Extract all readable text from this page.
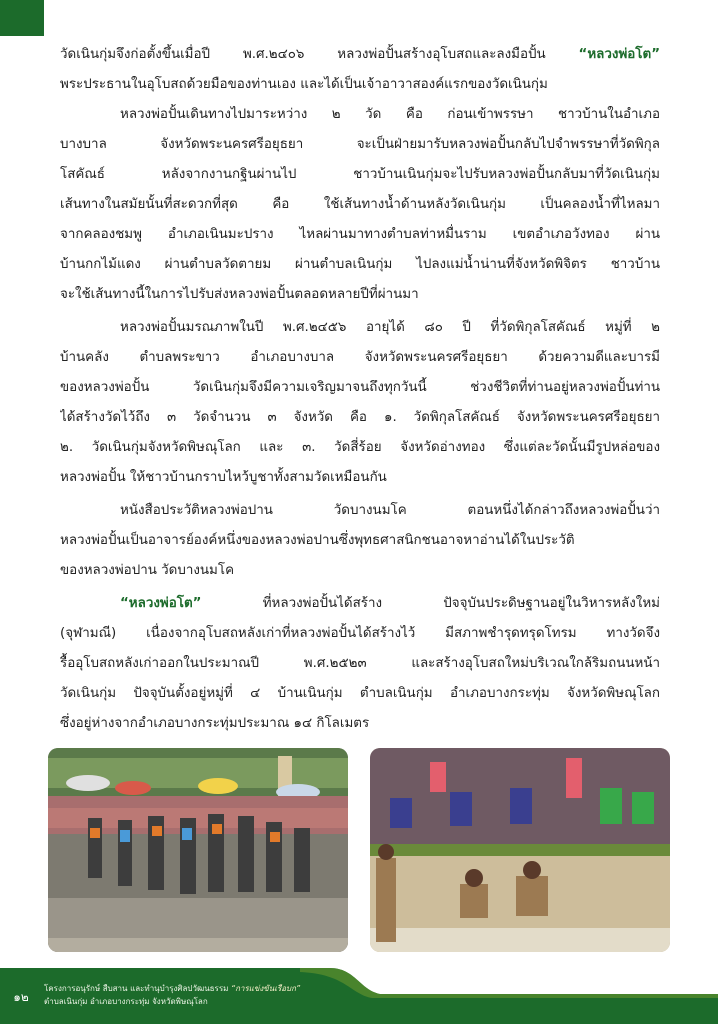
วัดเนินกุ่มจึงก่อตั้งขึ้นเมื่อปี พ.ศ.๒๔๐๖ หลวงพ่อปั้นสร้างอุโบสถและลงมือปั้น “หลวงพ่อโต”
พระประธานในอุโบสถด้วยมือของท่านเอง และได้เป็นเจ้าอาวาสองค์แรกของวัดเนินกุ่ม
หลวงพ่อปั้นเดินทางไปมาระหว่าง ๒ วัด คือ ก่อนเข้าพรรษา ชาวบ้านในอำเภอ
บางบาล จังหวัดพระนครศรีอยุธยา จะเป็นฝ่ายมารับหลวงพ่อปั้นกลับไปจำพรรษาที่วัดพิกุล
โสคัณธ์ หลังจากงานกฐินผ่านไป ชาวบ้านเนินกุ่มจะไปรับหลวงพ่อปั้นกลับมาที่วัดเนินกุ่ม
เส้นทางในสมัยนั้นที่สะดวกที่สุด คือ ใช้เส้นทางน้ำด้านหลังวัดเนินกุ่ม เป็นคลองน้ำที่ไหลมา
จากคลองชมพู อำเภอเนินมะปราง ไหลผ่านมาทางตำบลท่าหมื่นราม เขตอำเภอวังทอง ผ่าน
บ้านกกไม้แดง ผ่านตำบลวัดตายม ผ่านตำบลเนินกุ่ม ไปลงแม่น้ำน่านที่จังหวัดพิจิตร ชาวบ้าน
จะใช้เส้นทางนี้ในการไปรับส่งหลวงพ่อปั้นตลอดหลายปีที่ผ่านมา
หลวงพ่อปั้นมรณภาพในปี พ.ศ.๒๔๕๖ อายุได้ ๘๐ ปี ที่วัดพิกุลโสคัณธ์ หมู่ที่ ๒
บ้านคลัง ตำบลพระขาว อำเภอบางบาล จังหวัดพระนครศรีอยุธยา ด้วยความดีและบารมี
ของหลวงพ่อปั้น วัดเนินกุ่มจึงมีความเจริญมาจนถึงทุกวันนี้ ช่วงชีวิตที่ท่านอยู่หลวงพ่อปั้นท่าน
ได้สร้างวัดไว้ถึง ๓ วัดจำนวน ๓ จังหวัด คือ ๑. วัดพิกุลโสคัณธ์ จังหวัดพระนครศรีอยุธยา
๒. วัดเนินกุ่มจังหวัดพิษณุโลก และ ๓. วัดสี่ร้อย จังหวัดอ่างทอง ซึ่งแต่ละวัดนั้นมีรูปหล่อของ
หลวงพ่อปั้น ให้ชาวบ้านกราบไหว้บูชาทั้งสามวัดเหมือนกัน
หนังสือประวัติหลวงพ่อปาน วัดบางนมโค ตอนหนึ่งได้กล่าวถึงหลวงพ่อปั้นว่า
หลวงพ่อปั้นเป็นอาจารย์องค์หนึ่งของหลวงพ่อปานซึ่งพุทธศาสนิกชนอาจหาอ่านได้ในประวัติ
ของหลวงพ่อปาน วัดบางนมโค
“หลวงพ่อโต” ที่หลวงพ่อปั้นได้สร้าง ปัจจุบันประดิษฐานอยู่ในวิหารหลังใหม่
(จุฬามณี) เนื่องจากอุโบสถหลังเก่าที่หลวงพ่อปั้นได้สร้างไว้ มีสภาพชำรุดทรุดโทรม ทางวัดจึง
รื้ออุโบสถหลังเก่าออกในประมาณปี พ.ศ.๒๕๒๓ และสร้างอุโบสถใหม่บริเวณใกล้ริมถนนหน้า
วัดเนินกุ่ม ปัจจุบันตั้งอยู่หมู่ที่ ๔ บ้านเนินกุ่ม ตำบลเนินกุ่ม อำเภอบางกระทุ่ม จังหวัดพิษณุโลก
ซึ่งอยู่ห่างจากอำเภอบางกระทุ่มประมาณ ๑๔ กิโลเมตร
๑๒
โครงการอนุรักษ์ สืบสาน และทำนุบำรุงศิลปวัฒนธรรม “การแข่งขันเรือบก”
ตำบลเนินกุ่ม อำเภอบางกระทุ่ม จังหวัดพิษณุโลก
